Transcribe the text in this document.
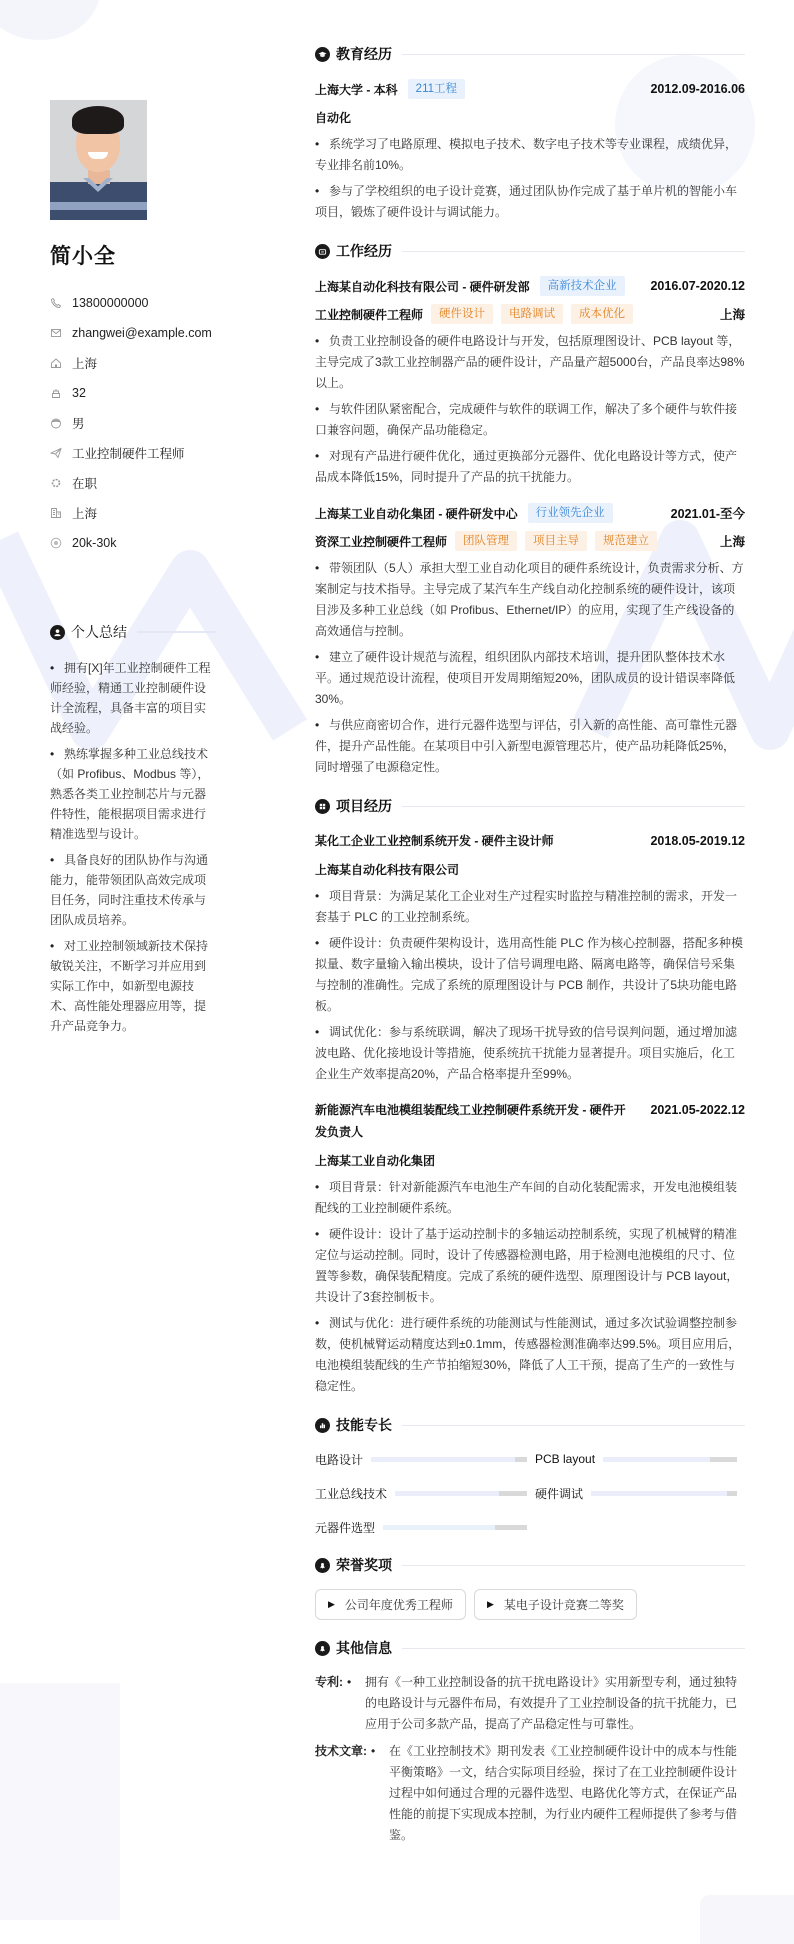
简小全
13800000000
zhangwei@example.com
上海
32
男
工业控制硬件工程师
在职
上海
20k-30k
个人总结
• 拥有[X]年工业控制硬件工程师经验，精通工业控制硬件设计全流程，具备丰富的项目实战经验。
• 熟练掌握多种工业总线技术（如 Profibus、Modbus 等），熟悉各类工业控制芯片与元器件特性，能根据项目需求进行精准选型与设计。
• 具备良好的团队协作与沟通能力，能带领团队高效完成项目任务，同时注重技术传承与团队成员培养。
• 对工业控制领域新技术保持敏锐关注，不断学习并应用到实际工作中，如新型电源技术、高性能处理器应用等，提升产品竞争力。
教育经历
上海大学 - 本科	211工程	2012.09-2016.06
自动化
• 系统学习了电路原理、模拟电子技术、数字电子技术等专业课程，成绩优异，专业排名前10%。
• 参与了学校组织的电子设计竞赛，通过团队协作完成了基于单片机的智能小车项目，锻炼了硬件设计与调试能力。
工作经历
上海某自动化科技有限公司 - 硬件研发部	高新技术企业	2016.07-2020.12
工业控制硬件工程师	硬件设计	电路调试	成本优化	上海
• 负责工业控制设备的硬件电路设计与开发，包括原理图设计、PCB layout 等，主导完成了3款工业控制器产品的硬件设计，产品量产超5000台，产品良率达98%以上。
• 与软件团队紧密配合，完成硬件与软件的联调工作，解决了多个硬件与软件接口兼容问题，确保产品功能稳定。
• 对现有产品进行硬件优化，通过更换部分元器件、优化电路设计等方式，使产品成本降低15%，同时提升了产品的抗干扰能力。
上海某工业自动化集团 - 硬件研发中心	行业领先企业	2021.01-至今
资深工业控制硬件工程师	团队管理	项目主导	规范建立	上海
• 带领团队（5人）承担大型工业自动化项目的硬件系统设计，负责需求分析、方案制定与技术指导。主导完成了某汽车生产线自动化控制系统的硬件设计，该项目涉及多种工业总线（如 Profibus、Ethernet/IP）的应用，实现了生产线设备的高效通信与控制。
• 建立了硬件设计规范与流程，组织团队内部技术培训，提升团队整体技术水平。通过规范设计流程，使项目开发周期缩短20%，团队成员的设计错误率降低30%。
• 与供应商密切合作，进行元器件选型与评估，引入新的高性能、高可靠性元器件，提升产品性能。在某项目中引入新型电源管理芯片，使产品功耗降低25%，同时增强了电源稳定性。
项目经历
某化工企业工业控制系统开发 - 硬件主设计师	2018.05-2019.12
上海某自动化科技有限公司
• 项目背景：为满足某化工企业对生产过程实时监控与精准控制的需求，开发一套基于 PLC 的工业控制系统。
• 硬件设计：负责硬件架构设计，选用高性能 PLC 作为核心控制器，搭配多种模拟量、数字量输入输出模块，设计了信号调理电路、隔离电路等，确保信号采集与控制的准确性。完成了系统的原理图设计与 PCB 制作，共设计了5块功能电路板。
• 调试优化：参与系统联调，解决了现场干扰导致的信号误判问题，通过增加滤波电路、优化接地设计等措施，使系统抗干扰能力显著提升。项目实施后，化工企业生产效率提高20%，产品合格率提升至99%。
新能源汽车电池模组装配线工业控制硬件系统开发 - 硬件开发负责人
2021.05-2022.12
上海某工业自动化集团
• 项目背景：针对新能源汽车电池生产车间的自动化装配需求，开发电池模组装配线的工业控制硬件系统。
• 硬件设计：设计了基于运动控制卡的多轴运动控制系统，实现了机械臂的精准定位与运动控制。同时，设计了传感器检测电路，用于检测电池模组的尺寸、位置等参数，确保装配精度。完成了系统的硬件选型、原理图设计与 PCB layout，共设计了3套控制板卡。
• 测试与优化：进行硬件系统的功能测试与性能测试，通过多次试验调整控制参数，使机械臂运动精度达到±0.1mm，传感器检测准确率达99.5%。项目应用后，电池模组装配线的生产节拍缩短30%，降低了人工干预，提高了生产的一致性与稳定性。
技能专长
电路设计	PCB layout
工业总线技术	硬件调试
元器件选型
荣誉奖项
▶ 公司年度优秀工程师	▶ 某电子设计竞赛二等奖
其他信息
专利: •	拥有《一种工业控制设备的抗干扰电路设计》实用新型专利，通过独特的电路设计与元器件布局，有效提升了工业控制设备的抗干扰能力，已应用于公司多款产品，提高了产品稳定性与可靠性。
技术文章: •	在《工业控制技术》期刊发表《工业控制硬件设计中的成本与性能平衡策略》一文，结合实际项目经验，探讨了在工业控制硬件设计过程中如何通过合理的元器件选型、电路优化等方式，在保证产品性能的前提下实现成本控制，为行业内硬件工程师提供了参考与借鉴。
